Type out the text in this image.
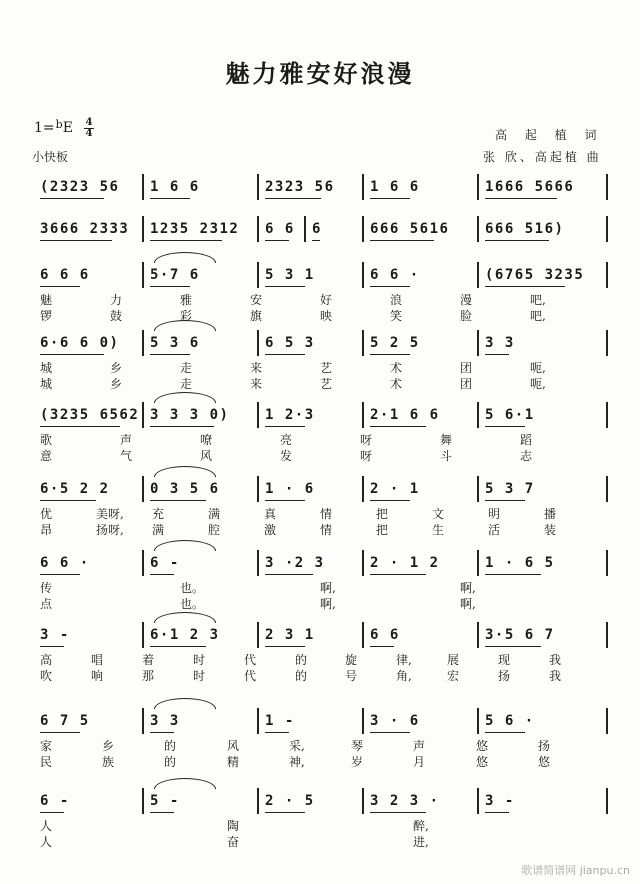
魅力雅安好浪漫
1=$^b$E	4
4
小快板
高 起 植 词
张 欣、高起植 曲
(2323 56	1 6 6	2323 56	1 6 6	1666 5666
3666 2333	1235 2312	6 6	6	666 5616	666 516)
6 6 6	5·7 6	5 3 1	6 6 ·	(6765 3235
魅	力	雅	安	好	浪	漫	吧,
锣	鼓	彩	旗	映	笑	脸	吧,
6·6 6 0)	5 3 6	6 5 3	5 2 5	3 3
城	乡	走	来	艺	术	团	呃,
城	乡	走	来	艺	术	团	呃,
(3235 6562 3 3 3 0)	1 2·3	2·1 6 6	5 6·1
歌	声	嘹	亮	呀	舞	蹈
意	气	风	发	呀	斗	志
6·5 2 2	0 3 5 6	1 · 6	2 · 1	5 3 7
优	美呀, 充	满	真	情	把	文	明	播
昂	扬呀, 满	腔	激	情	把	生	活	装
6 6 ·	6 -	3 ·2 3	2 · 1 2	1 · 6 5
传	也。	啊,	啊,
点	也。	啊,	啊,
3 -	6·1 2 3	2 3 1	6 6	3·5 6 7
高	唱	着	时	代	的	旋	律,	展	现	我
吹	响	那	时	代	的	号	角,	宏	扬	我
6 7 5	3 3	1 -	3 · 6	5 6 ·
家	乡	的	风	采,	琴	声	悠	扬
民	族	的	精	神,	岁	月	悠	悠
6 -	5 -	2 · 5	3 2 3 ·	3 -
人	陶	醉,
人	奋	进,
歌谱简谱网 jianpu.cn
